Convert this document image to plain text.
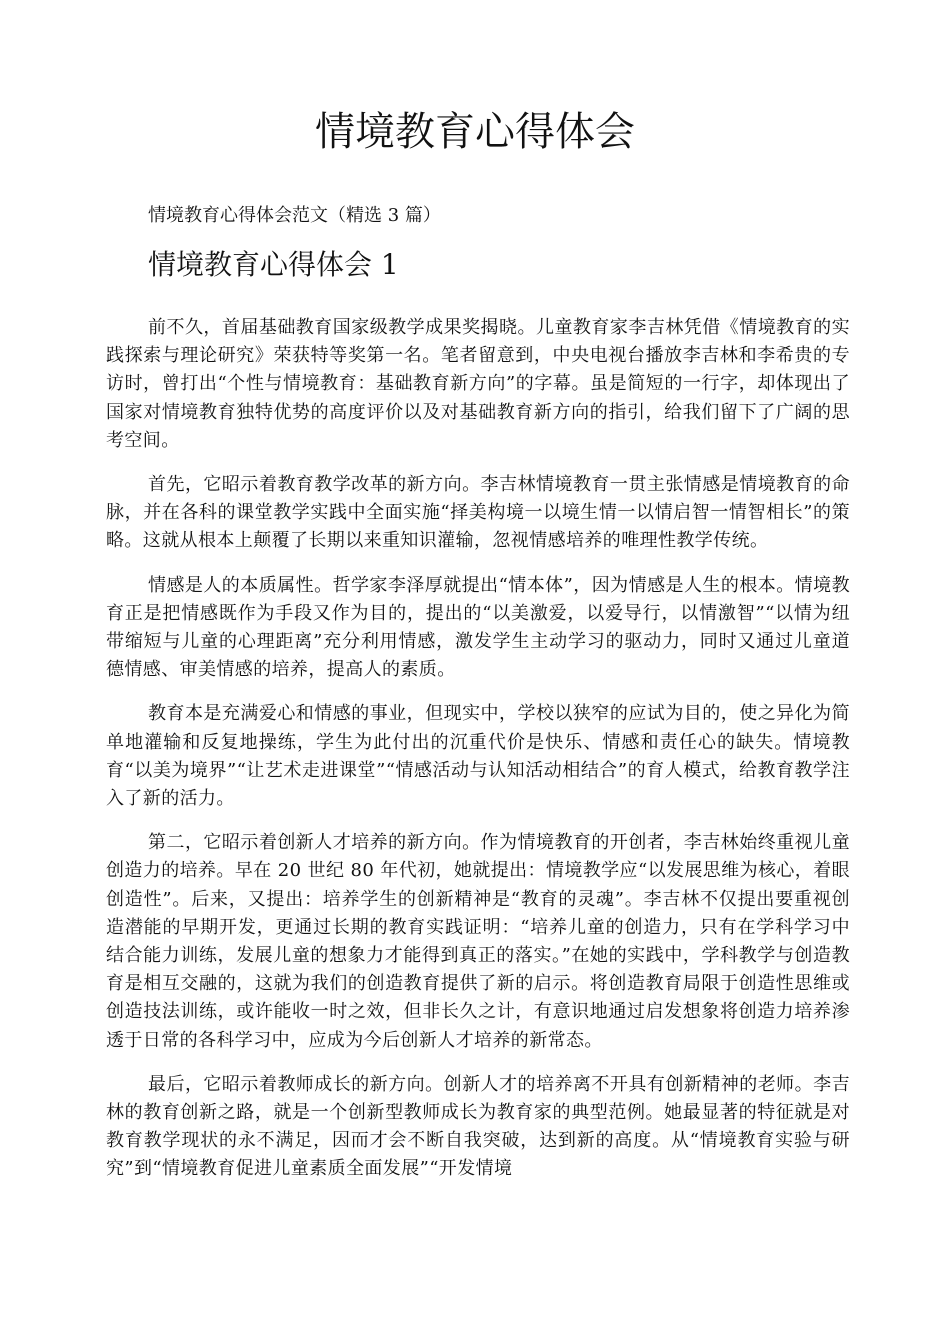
情境教育心得体会

情境教育心得体会范文（精选 3 篇）

情境教育心得体会 1

前不久，首届基础教育国家级教学成果奖揭晓。儿童教育家李吉林凭借《情境教育的实践探索与理论研究》荣获特等奖第一名。笔者留意到，中央电视台播放李吉林和李希贵的专访时，曾打出“个性与情境教育：基础教育新方向”的字幕。虽是简短的一行字，却体现出了国家对情境教育独特优势的高度评价以及对基础教育新方向的指引，给我们留下了广阔的思考空间。

首先，它昭示着教育教学改革的新方向。李吉林情境教育一贯主张情感是情境教育的命脉，并在各科的课堂教学实践中全面实施“择美构境一以境生情一以情启智一情智相长”的策略。这就从根本上颠覆了长期以来重知识灌输，忽视情感培养的唯理性教学传统。

情感是人的本质属性。哲学家李泽厚就提出“情本体”，因为情感是人生的根本。情境教育正是把情感既作为手段又作为目的，提出的“以美激爱，以爱导行，以情激智”“以情为纽带缩短与儿童的心理距离”充分利用情感，激发学生主动学习的驱动力，同时又通过儿童道德情感、审美情感的培养，提高人的素质。

教育本是充满爱心和情感的事业，但现实中，学校以狭窄的应试为目的，使之异化为简单地灌输和反复地操练，学生为此付出的沉重代价是快乐、情感和责任心的缺失。情境教育“以美为境界”“让艺术走进课堂”“情感活动与认知活动相结合”的育人模式，给教育教学注入了新的活力。

第二，它昭示着创新人才培养的新方向。作为情境教育的开创者，李吉林始终重视儿童创造力的培养。早在 20 世纪 80 年代初，她就提出：情境教学应“以发展思维为核心，着眼创造性”。后来，又提出：培养学生的创新精神是“教育的灵魂”。李吉林不仅提出要重视创造潜能的早期开发，更通过长期的教育实践证明：“培养儿童的创造力，只有在学科学习中结合能力训练，发展儿童的想象力才能得到真正的落实。”在她的实践中，学科教学与创造教育是相互交融的，这就为我们的创造教育提供了新的启示。将创造教育局限于创造性思维或创造技法训练，或许能收一时之效，但非长久之计，有意识地通过启发想象将创造力培养渗透于日常的各科学习中，应成为今后创新人才培养的新常态。

最后，它昭示着教师成长的新方向。创新人才的培养离不开具有创新精神的老师。李吉林的教育创新之路，就是一个创新型教师成长为教育家的典型范例。她最显著的特征就是对教育教学现状的永不满足，因而才会不断自我突破，达到新的高度。从“情境教育实验与研究”到“情境教育促进儿童素质全面发展”“开发情境
